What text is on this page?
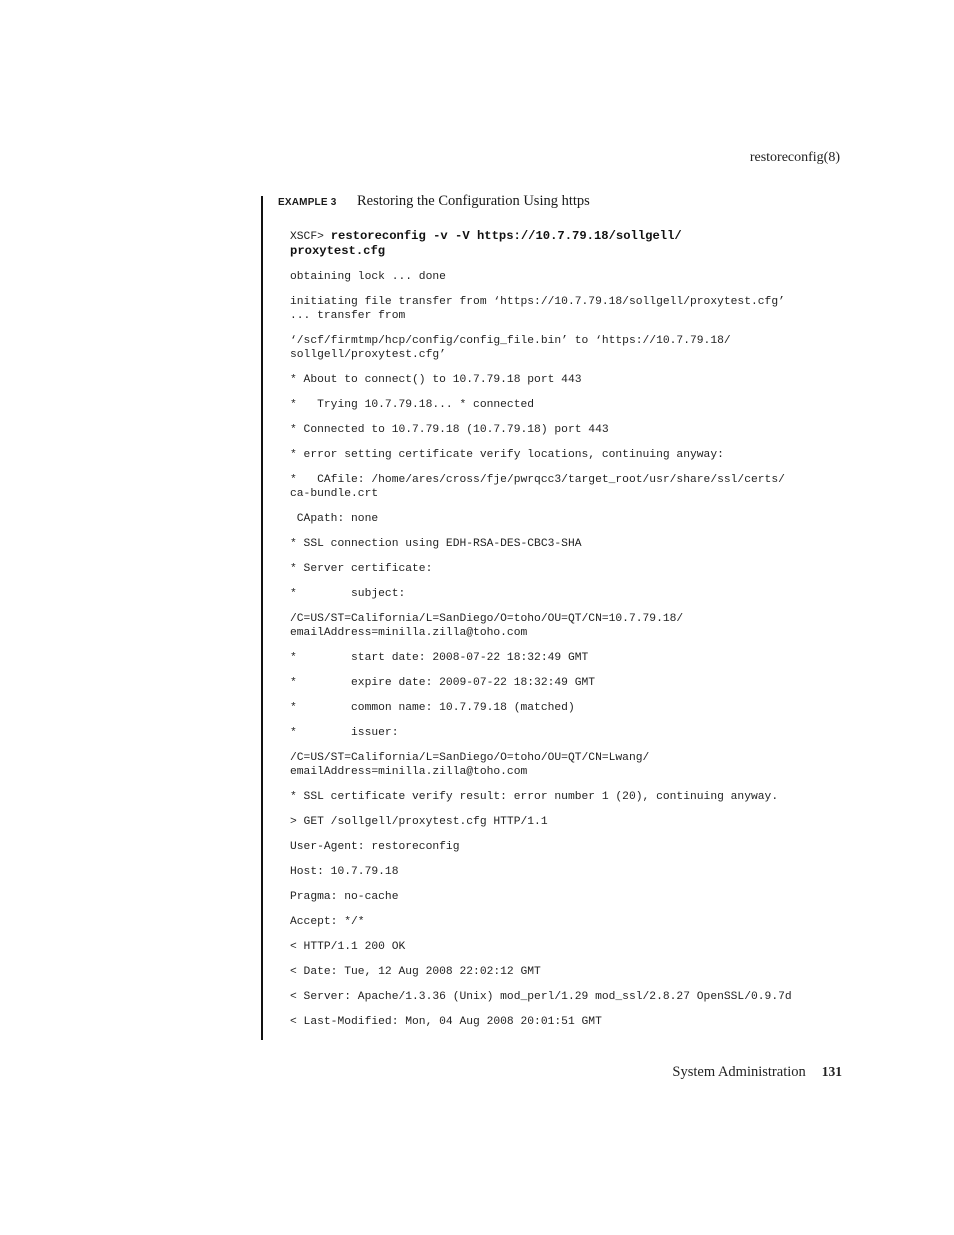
restoreconfig(8)
EXAMPLE 3 Restoring the Configuration Using https
XSCF> restoreconfig -v -V https://10.7.79.18/sollgell/
proxytest.cfg
obtaining lock ... done
initiating file transfer from ‘https://10.7.79.18/sollgell/proxytest.cfg’
... transfer from
‘/scf/firmtmp/hcp/config/config_file.bin’ to ‘https://10.7.79.18/
sollgell/proxytest.cfg’
* About to connect() to 10.7.79.18 port 443
*   Trying 10.7.79.18... * connected
* Connected to 10.7.79.18 (10.7.79.18) port 443
* error setting certificate verify locations, continuing anyway:
*   CAfile: /home/ares/cross/fje/pwrqcc3/target_root/usr/share/ssl/certs/
ca-bundle.crt
CApath: none
* SSL connection using EDH-RSA-DES-CBC3-SHA
* Server certificate:
*        subject:
/C=US/ST=California/L=SanDiego/O=toho/OU=QT/CN=10.7.79.18/
emailAddress=minilla.zilla@toho.com
*        start date: 2008-07-22 18:32:49 GMT
*        expire date: 2009-07-22 18:32:49 GMT
*        common name: 10.7.79.18 (matched)
*        issuer:
/C=US/ST=California/L=SanDiego/O=toho/OU=QT/CN=Lwang/
emailAddress=minilla.zilla@toho.com
* SSL certificate verify result: error number 1 (20), continuing anyway.
> GET /sollgell/proxytest.cfg HTTP/1.1
User-Agent: restoreconfig
Host: 10.7.79.18
Pragma: no-cache
Accept: */*
< HTTP/1.1 200 OK
< Date: Tue, 12 Aug 2008 22:02:12 GMT
< Server: Apache/1.3.36 (Unix) mod_perl/1.29 mod_ssl/2.8.27 OpenSSL/0.9.7d
< Last-Modified: Mon, 04 Aug 2008 20:01:51 GMT
System Administration 131
